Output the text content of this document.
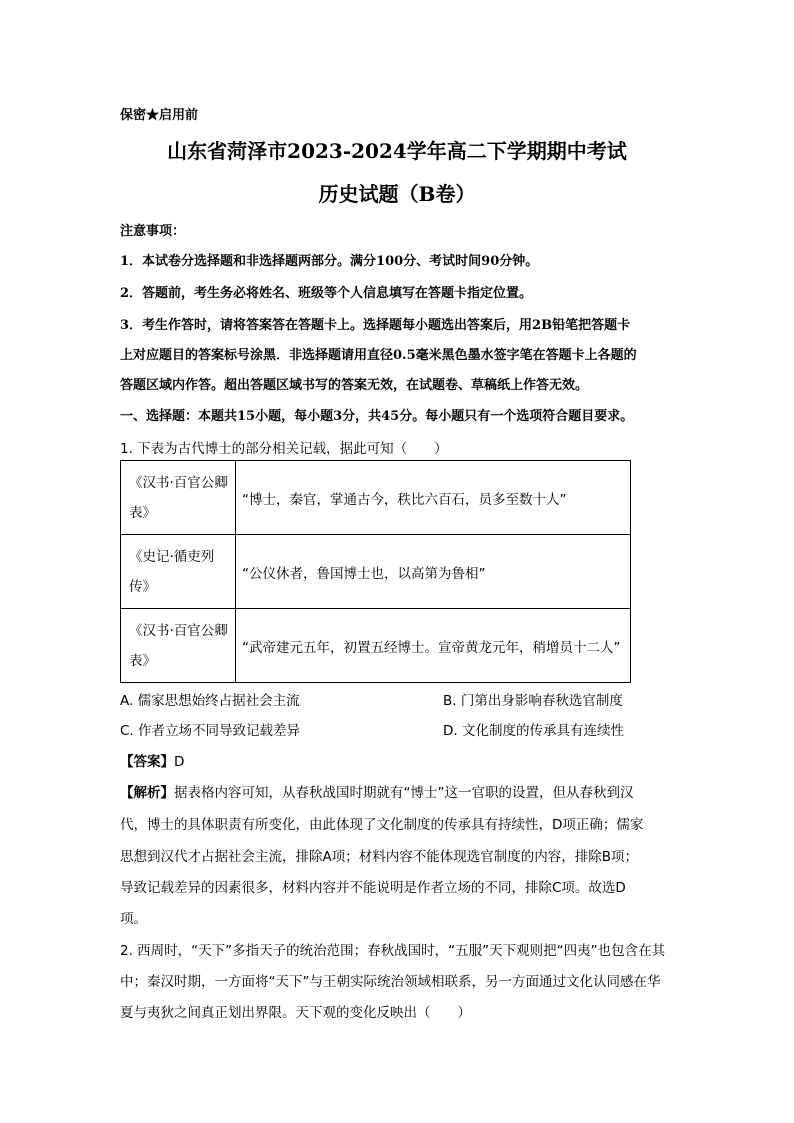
保密★启用前
山东省菏泽市2023-2024学年高二下学期期中考试
历史试题（B卷）
注意事项：
1．本试卷分选择题和非选择题两部分。满分100分、考试时间90分钟。
2．答题前，考生务必将姓名、班级等个人信息填写在答题卡指定位置。
3．考生作答时，请将答案答在答题卡上。选择题每小题选出答案后，用2B铅笔把答题卡
上对应题目的答案标号涂黑．非选择题请用直径0.5毫米黑色墨水签字笔在答题卡上各题的
答题区域内作答。超出答题区域书写的答案无效，在试题卷、草稿纸上作答无效。
一、选择题：本题共15小题，每小题3分，共45分。每小题只有一个选项符合题目要求。
1. 下表为古代博士的部分相关记载，据此可知（　　）
《汉书·百官公卿表》	“博士，秦官，掌通古今，秩比六百石，员多至数十人”
《史记·循吏列传》	“公仪休者，鲁国博士也，以高第为鲁相”
《汉书·百官公卿表》	“武帝建元五年，初置五经博士。宣帝黄龙元年，稍增员十二人”
A. 儒家思想始终占据社会主流	B. 门第出身影响春秋选官制度
C. 作者立场不同导致记载差异	D. 文化制度的传承具有连续性
【答案】D
【解析】据表格内容可知，从春秋战国时期就有“博士”这一官职的设置，但从春秋到汉
代，博士的具体职责有所变化，由此体现了文化制度的传承具有持续性，D项正确；儒家
思想到汉代才占据社会主流，排除A项；材料内容不能体现选官制度的内容，排除B项；
导致记载差异的因素很多，材料内容并不能说明是作者立场的不同，排除C项。故选D
项。
2. 西周时，“天下”多指天子的统治范围；春秋战国时，“五服”天下观则把“四夷”也包含在其
中；秦汉时期，一方面将“天下”与王朝实际统治领域相联系，另一方面通过文化认同感在华
夏与夷狄之间真正划出界限。天下观的变化反映出（　　）
